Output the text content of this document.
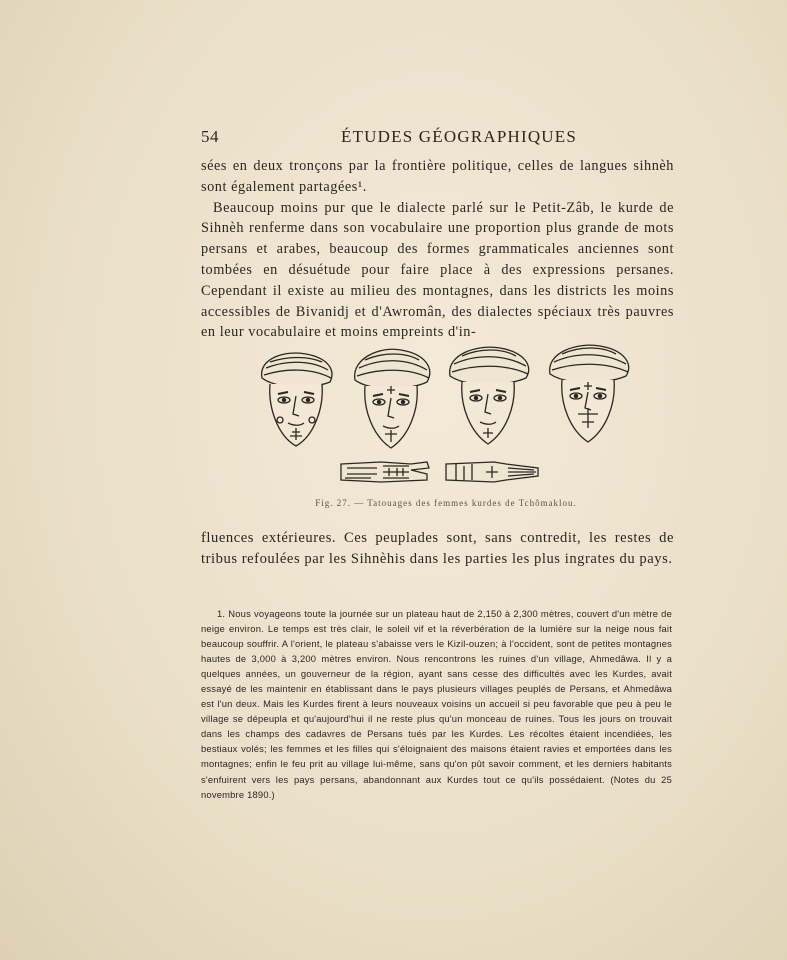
54	ÉTUDES GÉOGRAPHIQUES

sées en deux tronçons par la frontière politique, celles de langues sihnèh sont également partagées¹.

Beaucoup moins pur que le dialecte parlé sur le Petit-Zâb, le kurde de Sihnèh renferme dans son vocabulaire une proportion plus grande de mots persans et arabes, beaucoup des formes grammaticales anciennes sont tombées en désuétude pour faire place à des expressions persanes. Cependant il existe au milieu des montagnes, dans les districts les moins accessibles de Bivanidj et d'Awromân, des dialectes spéciaux très pauvres en leur vocabulaire et moins empreints d'in-

Fig. 27. — Tatouages des femmes kurdes de Tchômaklou.

fluences extérieures. Ces peuplades sont, sans contredit, les restes de tribus refoulées par les Sihnèhis dans les parties les plus ingrates du pays.

1. Nous voyageons toute la journée sur un plateau haut de 2,150 à 2,300 mètres, couvert d'un mètre de neige environ. Le temps est très clair, le soleil vif et la réverbération de la lumière sur la neige nous fait beaucoup souffrir. A l'orient, le plateau s'abaisse vers le Kizil-ouzen; à l'occident, sont de petites montagnes hautes de 3,000 à 3,200 mètres environ. Nous rencontrons les ruines d'un village, Ahmedâwa. Il y a quelques années, un gouverneur de la région, ayant sans cesse des difficultés avec les Kurdes, avait essayé de les maintenir en établissant dans le pays plusieurs villages peuplés de Persans, et Ahmedâwa est l'un deux. Mais les Kurdes firent à leurs nouveaux voisins un accueil si peu favorable que peu à peu le village se dépeupla et qu'aujourd'hui il ne reste plus qu'un monceau de ruines. Tous les jours on trouvait dans les champs des cadavres de Persans tués par les Kurdes. Les récoltes étaient incendiées, les bestiaux volés; les femmes et les filles qui s'éloignaient des maisons étaient ravies et emportées dans les montagnes; enfin le feu prit au village lui-même, sans qu'on pût savoir comment, et les derniers habitants s'enfuirent vers les pays persans, abandonnant aux Kurdes tout ce qu'ils possédaient. (Notes du 25 novembre 1890.)
